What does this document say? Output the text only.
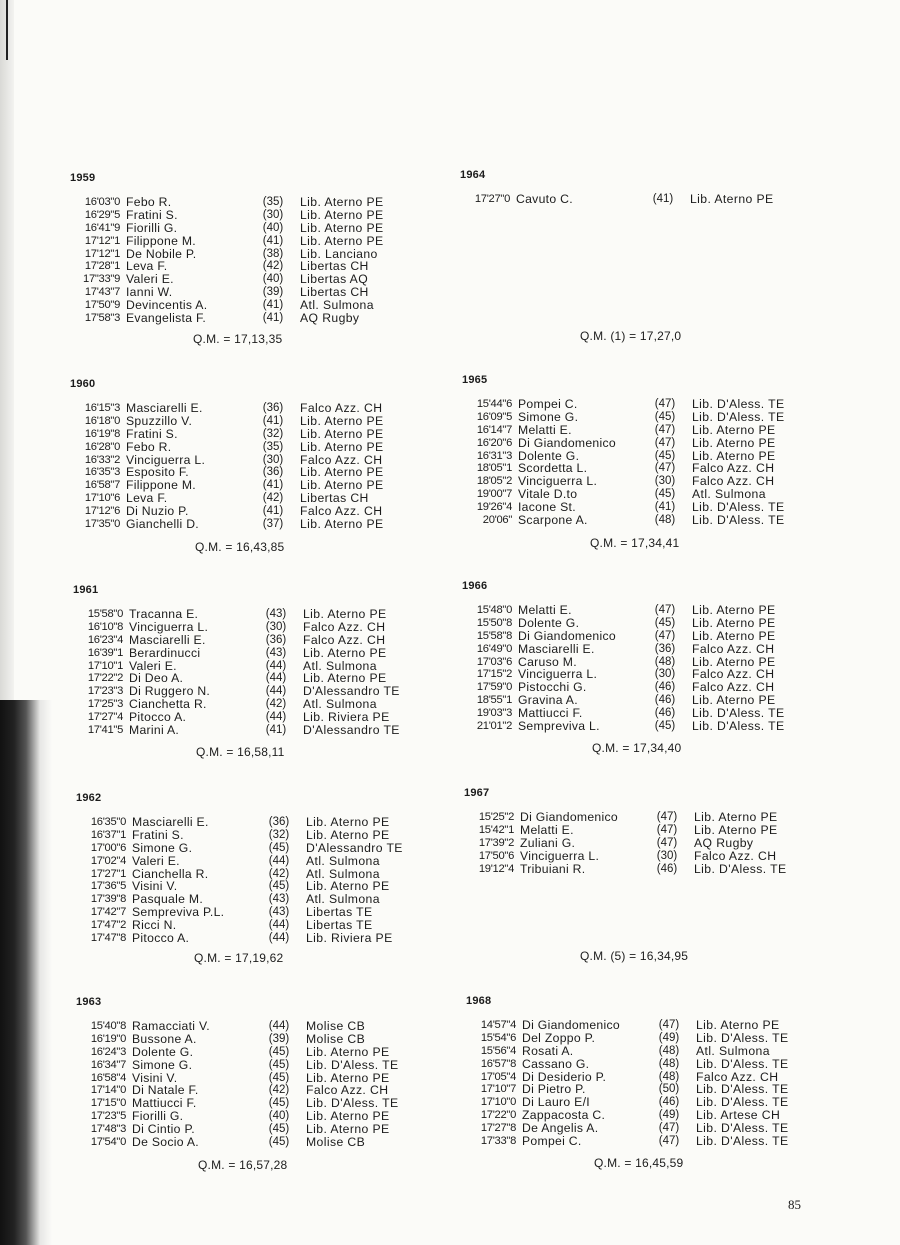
1959
16'03"0 Febo R.	(35)	Lib. Aterno PE
16'29"5 Fratini S.	(30)	Lib. Aterno PE
16'41"9 Fiorilli G.	(40)	Lib. Aterno PE
17'12"1 Filippone M.	(41)	Lib. Aterno PE
17'12"1 De Nobile P.	(38)	Lib. Lanciano
17'28"1 Leva F.	(42)	Libertas CH
17"33"9 Valeri E.	(40)	Libertas AQ
17'43"7 Ianni W.	(39)	Libertas CH
17'50"9 Devincentis A.	(41)	Atl. Sulmona
17'58"3 Evangelista F.	(41)	AQ Rugby
Q.M. = 17,13,35
1960
16'15"3 Masciarelli E.	(36)	Falco Azz. CH
16'18"0 Spuzzillo V.	(41)	Lib. Aterno PE
16'19"8 Fratini S.	(32)	Lib. Aterno PE
16'28"0 Febo R.	(35)	Lib. Aterno PE
16'33"2 Vinciguerra L.	(30)	Falco Azz. CH
16'35"3 Esposito F.	(36)	Lib. Aterno PE
16'58"7 Filippone M.	(41)	Lib. Aterno PE
17'10"6 Leva F.	(42)	Libertas CH
17'12"6 Di Nuzio P.	(41)	Falco Azz. CH
17'35"0 Gianchelli D.	(37)	Lib. Aterno PE
Q.M. = 16,43,85
1961
15'58"0 Tracanna E.	(43)	Lib. Aterno PE
16'10"8 Vinciguerra L.	(30)	Falco Azz. CH
16'23"4 Masciarelli E.	(36)	Falco Azz. CH
16'39"1 Berardinucci	(43)	Lib. Aterno PE
17'10"1 Valeri E.	(44)	Atl. Sulmona
17'22"2 Di Deo A.	(44)	Lib. Aterno PE
17'23"3 Di Ruggero N.	(44)	D'Alessandro TE
17'25"3 Cianchetta R.	(42)	Atl. Sulmona
17'27"4 Pitocco A.	(44)	Lib. Riviera PE
17'41"5 Marini A.	(41)	D'Alessandro TE
Q.M. = 16,58,11
1962
16'35"0 Masciarelli E.	(36)	Lib. Aterno PE
16'37"1 Fratini S.	(32)	Lib. Aterno PE
17'00"6 Simone G.	(45)	D'Alessandro TE
17'02"4 Valeri E.	(44)	Atl. Sulmona
17'27"1 Cianchella R.	(42)	Atl. Sulmona
17'36"5 Visini V.	(45)	Lib. Aterno PE
17'39"8 Pasquale M.	(43)	Atl. Sulmona
17'42"7 Sempreviva P.L.	(43)	Libertas TE
17'47"2 Ricci N.	(44)	Libertas TE
17'47"8 Pitocco A.	(44)	Lib. Riviera PE
Q.M. = 17,19,62
1963
15'40"8 Ramacciati V.	(44)	Molise CB
16'19"0 Bussone A.	(39)	Molise CB
16'24"3 Dolente G.	(45)	Lib. Aterno PE
16'34"7 Simone G.	(45)	Lib. D'Aless. TE
16'58"4 Visini V.	(45)	Lib. Aterno PE
17'14"0 Di Natale F.	(42)	Falco Azz. CH
17'15"0 Mattiucci F.	(45)	Lib. D'Aless. TE
17'23"5 Fiorilli G.	(40)	Lib. Aterno PE
17'48"3 Di Cintio P.	(45)	Lib. Aterno PE
17'54"0 De Socio A.	(45)	Molise CB
Q.M. = 16,57,28
1964
17'27"0 Cavuto C.	(41)	Lib. Aterno PE
Q.M. (1) = 17,27,0
1965
15'44"6 Pompei C.	(47)	Lib. D'Aless. TE
16'09"5 Simone G.	(45)	Lib. D'Aless. TE
16'14"7 Melatti E.	(47)	Lib. Aterno PE
16'20"6 Di Giandomenico	(47)	Lib. Aterno PE
16'31"3 Dolente G.	(45)	Lib. Aterno PE
18'05"1 Scordetta L.	(47)	Falco Azz. CH
18'05"2 Vinciguerra L.	(30)	Falco Azz. CH
19'00"7 Vitale D.to	(45)	Atl. Sulmona
19'26"4 Iacone St.	(41)	Lib. D'Aless. TE
20'06" Scarpone A.	(48)	Lib. D'Aless. TE
Q.M. = 17,34,41
1966
15'48"0 Melatti E.	(47)	Lib. Aterno PE
15'50"8 Dolente G.	(45)	Lib. Aterno PE
15'58"8 Di Giandomenico	(47)	Lib. Aterno PE
16'49"0 Masciarelli E.	(36)	Falco Azz. CH
17'03"6 Caruso M.	(48)	Lib. Aterno PE
17'15"2 Vinciguerra L.	(30)	Falco Azz. CH
17'59"0 Pistocchi G.	(46)	Falco Azz. CH
18'55"1 Gravina A.	(46)	Lib. Aterno PE
19'03"3 Mattiucci F.	(46)	Lib. D'Aless. TE
21'01"2 Sempreviva L.	(45)	Lib. D'Aless. TE
Q.M. = 17,34,40
1967
15'25"2 Di Giandomenico	(47)	Lib. Aterno PE
15'42"1 Melatti E.	(47)	Lib. Aterno PE
17'39"2 Zuliani G.	(47)	AQ Rugby
17'50"6 Vinciguerra L.	(30)	Falco Azz. CH
19'12"4 Tribuiani R.	(46)	Lib. D'Aless. TE
Q.M. (5) = 16,34,95
1968
14'57"4 Di Giandomenico	(47)	Lib. Aterno PE
15'54"6 Del Zoppo P.	(49)	Lib. D'Aless. TE
15'56"4 Rosati A.	(48)	Atl. Sulmona
16'57"8 Cassano G.	(48)	Lib. D'Aless. TE
17'05"4 Di Desiderio P.	(48)	Falco Azz. CH
17'10"7 Di Pietro P.	(50)	Lib. D'Aless. TE
17'10"0 Di Lauro E/I	(46)	Lib. D'Aless. TE
17'22"0 Zappacosta C.	(49)	Lib. Artese CH
17'27"8 De Angelis A.	(47)	Lib. D'Aless. TE
17'33"8 Pompei C.	(47)	Lib. D'Aless. TE
Q.M. = 16,45,59
85
